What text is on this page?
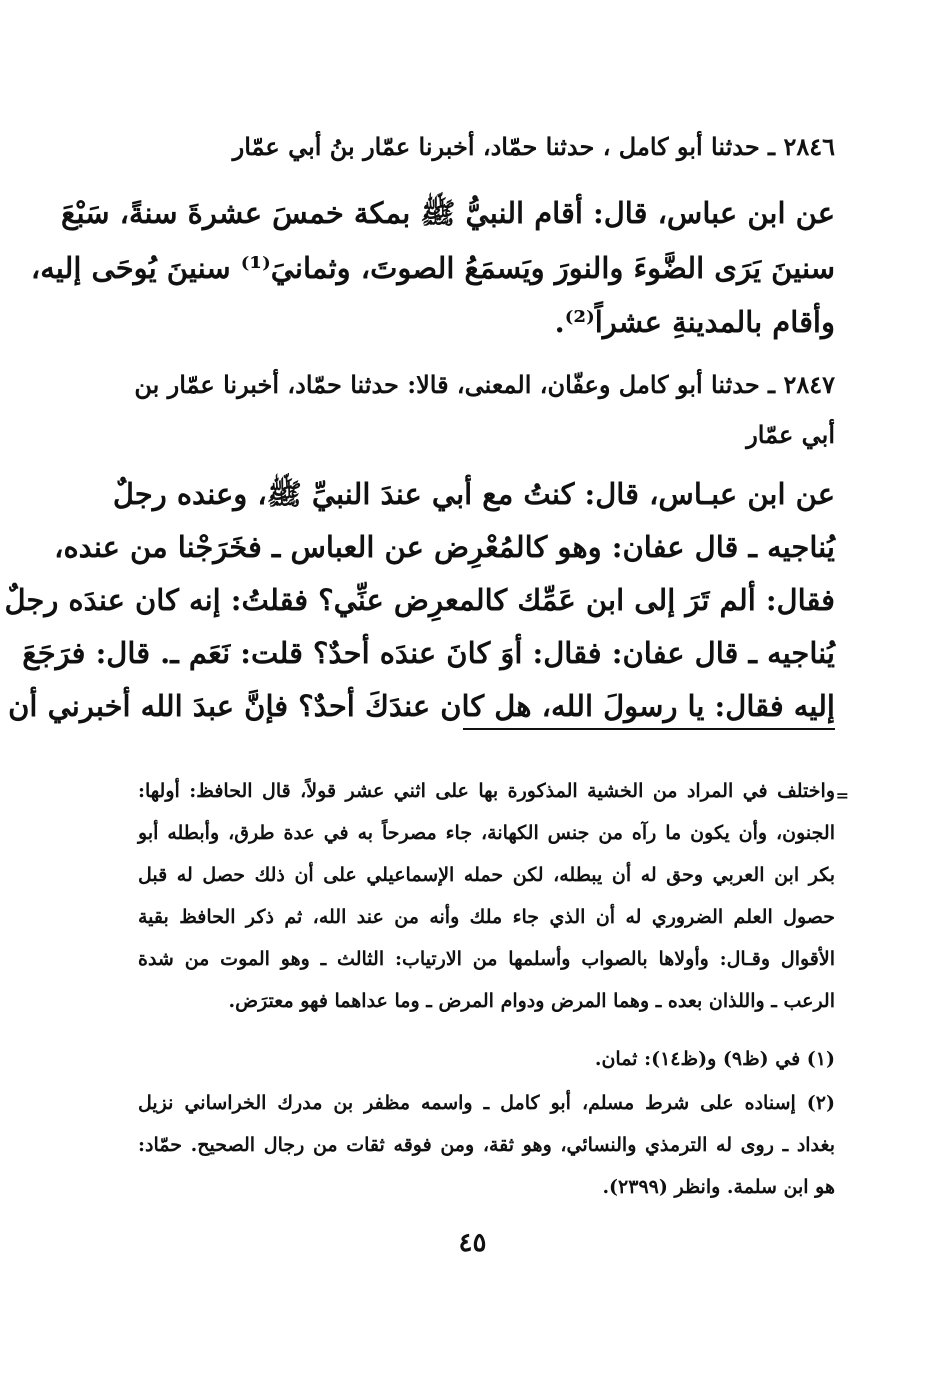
٢٨٤٦ ـ حدثنا أبو كامل ، حدثنا حمّاد، أخبرنا عمّار بنُ أبي عمّار
عن ابن عباس، قال: أقام النبيُّ ﷺ بمكة خمسَ عشرةَ سنةً، سَبْعَ
سنينَ يَرَى الضَّوءَ والنورَ ويَسمَعُ الصوتَ، وثمانيَ⁽¹⁾ سنينَ يُوحَى إليه،
وأقام بالمدينةِ عشراً⁽²⁾.
٢٨٤٧ ـ حدثنا أبو كامل وعفّان، المعنى، قالا: حدثنا حمّاد، أخبرنا عمّار بن
أبي عمّار
عن ابن عبـاس، قال: كنتُ مع أبي عندَ النبيِّ ﷺ، وعنده رجلٌ
يُناجيه ـ قال عفان: وهو كالمُعْرِض عن العباس ـ فخَرَجْنا من عنده،
فقال: ألم تَرَ إلى ابن عَمِّك كالمعرِض عنِّي؟ فقلتُ: إنه كان عندَه رجلٌ
يُناجيه ـ قال عفان: فقال: أوَ كانَ عندَه أحدٌ؟ قلت: نَعَم ـ. قال: فرَجَعَ
إليه فقال: يا رسولَ الله، هل كان عندَكَ أحدٌ؟ فإنَّ عبدَ الله أخبرني أن
=
واختلف في المراد من الخشية المذكورة بها على اثني عشر قولاً، قال الحافظ: أولها:
الجنون، وأن يكون ما رآه من جنس الكهانة، جاء مصرحاً به في عدة طرق، وأبطله أبو
بكر ابن العربي وحق له أن يبطله، لكن حمله الإسماعيلي على أن ذلك حصل له قبل
حصول العلم الضروري له أن الذي جاء ملك وأنه من عند الله، ثم ذكر الحافظ بقية
الأقوال وقـال: وأولاها بالصواب وأسلمها من الارتياب: الثالث ـ وهو الموت من شدة
الرعب ـ واللذان بعده ـ وهما المرض ودوام المرض ـ وما عداهما فهو معترَض.
(١) في (ظ٩) و(ظ١٤): ثمان.
(٢) إسناده على شرط مسلم، أبو كامل ـ واسمه مظفر بن مدرك الخراساني نزيل
بغداد ـ روى له الترمذي والنسائي، وهو ثقة، ومن فوقه ثقات من رجال الصحيح. حمّاد:
هو ابن سلمة. وانظر (٢٣٩٩).
٤٥
